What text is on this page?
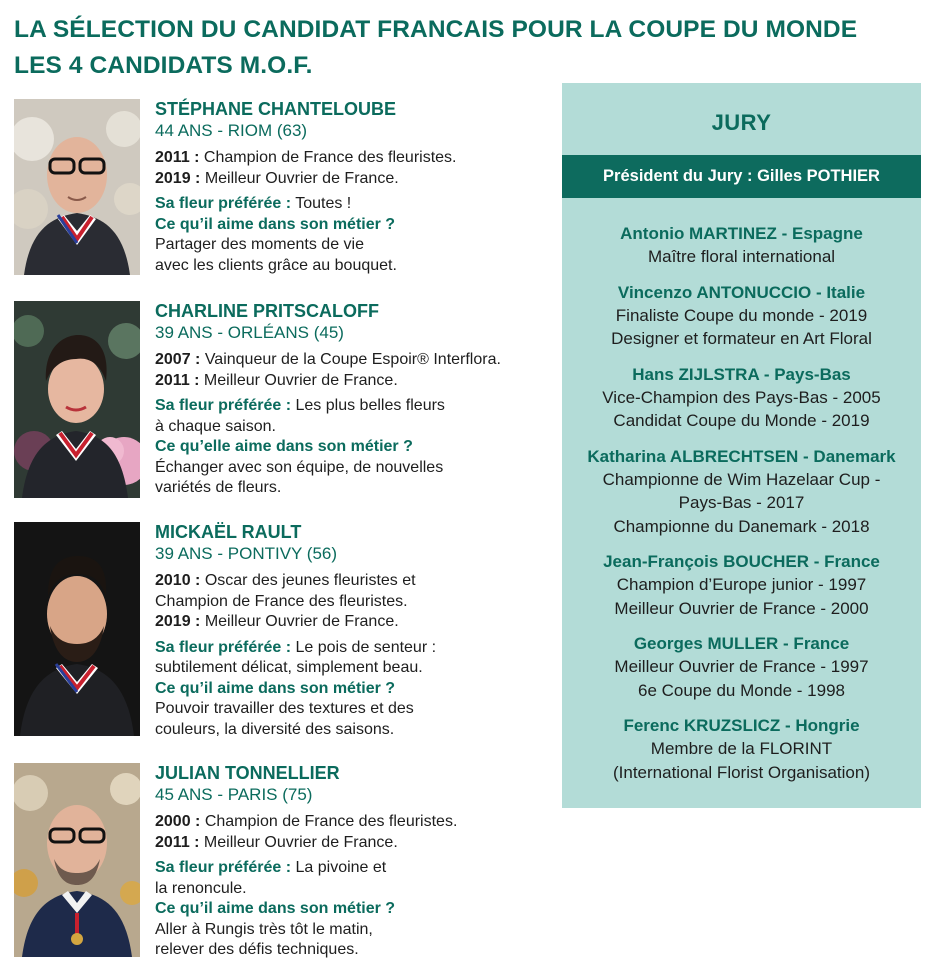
LA SÉLECTION DU CANDIDAT FRANCAIS POUR LA COUPE DU MONDE
LES 4 CANDIDATS M.O.F.
STÉPHANE CHANTELOUBE
44 ANS - RIOM (63)
2011 : Champion de France des fleuristes.
2019 : Meilleur Ouvrier de France.
Sa fleur préférée : Toutes !
Ce qu’il aime dans son métier ?
Partager des moments de vie
avec les clients grâce au bouquet.
CHARLINE PRITSCALOFF
39 ANS - ORLÉANS (45)
2007 : Vainqueur de la Coupe Espoir® Interflora.
2011 : Meilleur Ouvrier de France.
Sa fleur préférée : Les plus belles fleurs
à chaque saison.
Ce qu’elle aime dans son métier ?
Échanger avec son équipe, de nouvelles
variétés de fleurs.
MICKAËL RAULT
39 ANS - PONTIVY (56)
2010 : Oscar des jeunes fleuristes et
Champion de France des fleuristes.
2019 : Meilleur Ouvrier de France.
Sa fleur préférée : Le pois de senteur :
subtilement délicat, simplement beau.
Ce qu’il aime dans son métier ?
Pouvoir travailler des textures et des
couleurs, la diversité des saisons.
JULIAN TONNELLIER
45 ANS - PARIS (75)
2000 : Champion de France des fleuristes.
2011 : Meilleur Ouvrier de France.
Sa fleur préférée : La pivoine et
la renoncule.
Ce qu’il aime dans son métier ?
Aller à Rungis très tôt le matin,
relever des défis techniques.
JURY
Président du Jury : Gilles POTHIER
Antonio MARTINEZ - Espagne
Maître floral international
Vincenzo ANTONUCCIO - Italie
Finaliste Coupe du monde - 2019
Designer et formateur en Art Floral
Hans ZIJLSTRA - Pays-Bas
Vice-Champion des Pays-Bas - 2005
Candidat Coupe du Monde - 2019
Katharina ALBRECHTSEN - Danemark
Championne de Wim Hazelaar Cup -
Pays-Bas - 2017
Championne du Danemark - 2018
Jean-François BOUCHER - France
Champion d’Europe junior - 1997
Meilleur Ouvrier de France - 2000
Georges MULLER - France
Meilleur Ouvrier de France - 1997
6e Coupe du Monde - 1998
Ferenc KRUZSLICZ - Hongrie
Membre de la FLORINT
(International Florist Organisation)
